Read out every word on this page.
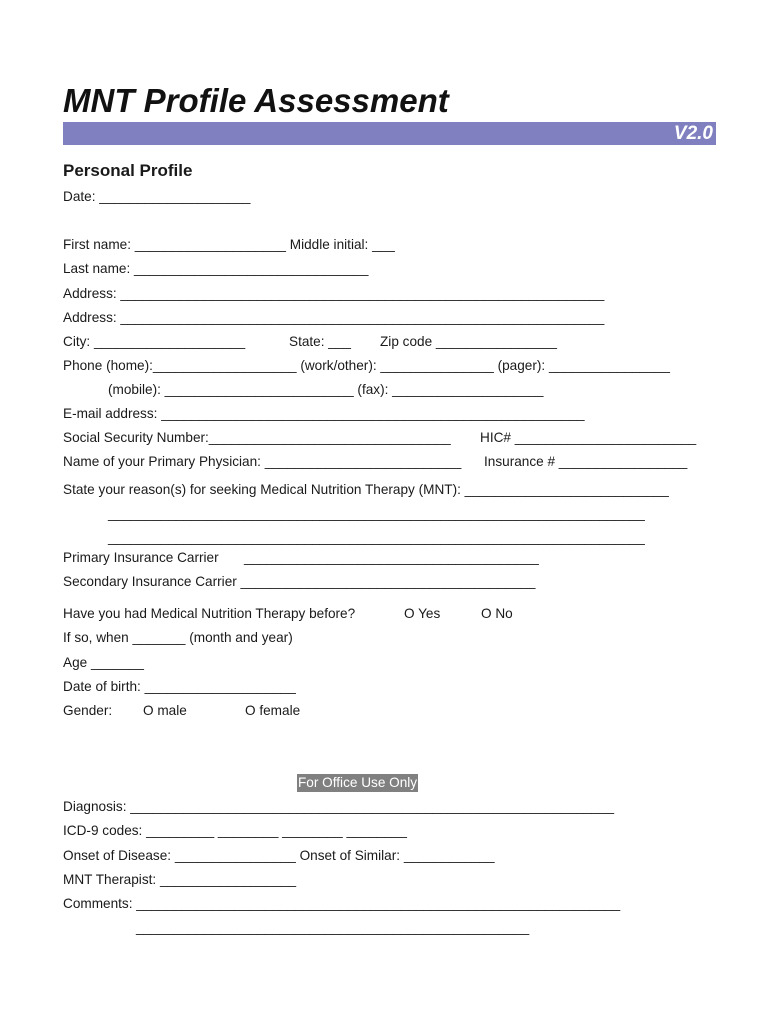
MNT Profile Assessment
V2.0
Personal Profile
Date: ____________________
First name: ____________________ Middle initial: ___
Last name: _______________________________
Address: ________________________________________________________________
Address: ________________________________________________________________
City: ____________________	State: ___ Zip code ________________
Phone (home):___________________ (work/other): _______________ (pager): ________________
(mobile): _________________________ (fax): ____________________
E-mail address: ________________________________________________________
Social Security Number:________________________________ HIC# ________________________
Name of your Primary Physician: __________________________ Insurance # _________________
State your reason(s) for seeking Medical Nutrition Therapy (MNT): ___________________________
_______________________________________________________________________
_______________________________________________________________________
Primary Insurance Carrier _______________________________________
Secondary Insurance Carrier _______________________________________
Have you had Medical Nutrition Therapy before?	O Yes	O No
If so, when _______ (month and year)
Age _______
Date of birth: ____________________
Gender: O male	O female
For Office Use Only
Diagnosis: ________________________________________________________________
ICD-9 codes: _________ ________ ________ ________
Onset of Disease: ________________ Onset of Similar: ____________
MNT Therapist: __________________
Comments: ________________________________________________________________
____________________________________________________
